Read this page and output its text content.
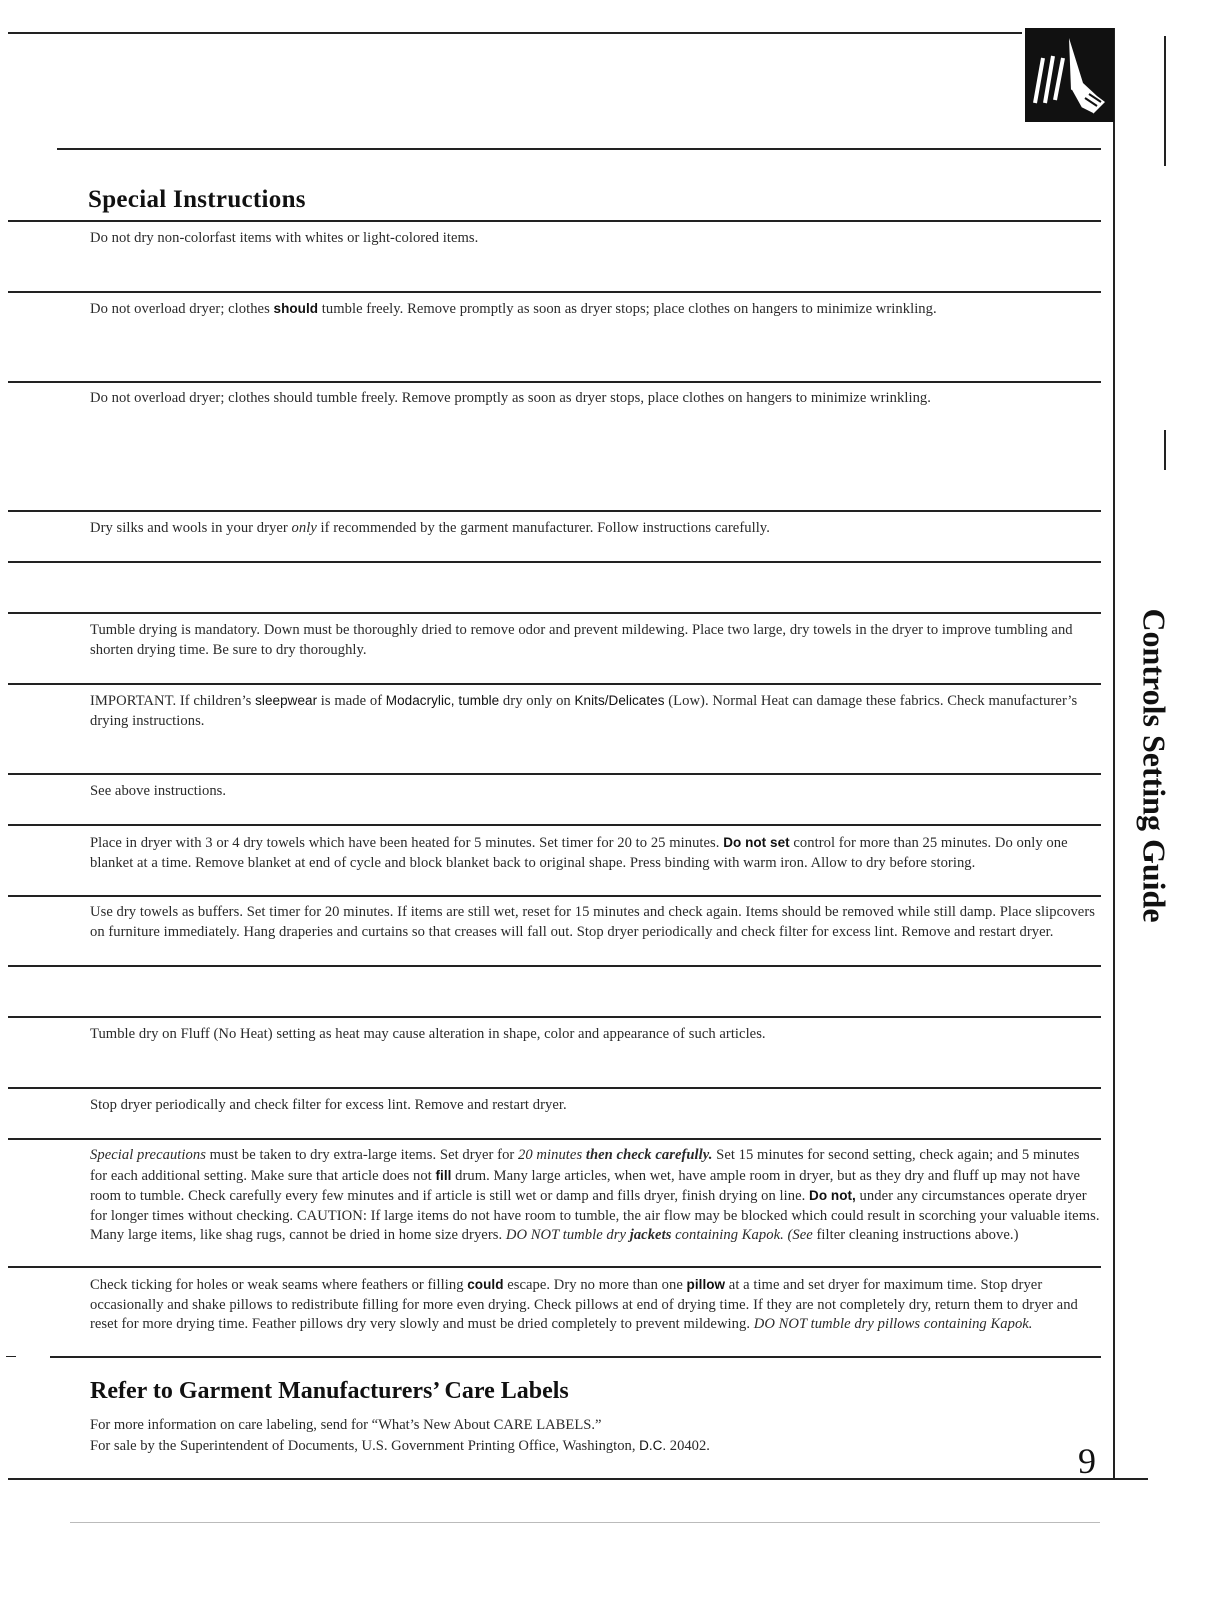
Special Instructions
Do not dry non-colorfast items with whites or light-colored items.
Do not overload dryer; clothes should tumble freely. Remove promptly as soon as dryer stops; place clothes on hangers to minimize wrinkling.
Do not overload dryer; clothes should tumble freely. Remove promptly as soon as dryer stops, place clothes on hangers to minimize wrinkling.
Dry silks and wools in your dryer only if recommended by the garment manufacturer. Follow instructions carefully.
Tumble drying is mandatory. Down must be thoroughly dried to remove odor and prevent mildewing. Place two large, dry towels in the dryer to improve tumbling and shorten drying time. Be sure to dry thoroughly.
IMPORTANT. If children’s sleepwear is made of Modacrylic, tumble dry only on Knits/Delicates (Low). Normal Heat can damage these fabrics. Check manufacturer’s drying instructions.
See above instructions.
Place in dryer with 3 or 4 dry towels which have been heated for 5 minutes. Set timer for 20 to 25 minutes. Do not set control for more than 25 minutes. Do only one blanket at a time. Remove blanket at end of cycle and block blanket back to original shape. Press binding with warm iron. Allow to dry before storing.
Use dry towels as buffers. Set timer for 20 minutes. If items are still wet, reset for 15 minutes and check again. Items should be removed while still damp. Place slipcovers on furniture immediately. Hang draperies and curtains so that creases will fall out. Stop dryer periodically and check filter for excess lint. Remove and restart dryer.
Tumble dry on Fluff (No Heat) setting as heat may cause alteration in shape, color and appearance of such articles.
Stop dryer periodically and check filter for excess lint. Remove and restart dryer.
Special precautions must be taken to dry extra-large items. Set dryer for 20 minutes then check carefully. Set 15 minutes for second setting, check again; and 5 minutes for each additional setting. Make sure that article does not fill drum. Many large articles, when wet, have ample room in dryer, but as they dry and fluff up may not have room to tumble. Check carefully every few minutes and if article is still wet or damp and fills dryer, finish drying on line. Do not, under any circumstances operate dryer for longer times without checking. CAUTION: If large items do not have room to tumble, the air flow may be blocked which could result in scorching your valuable items. Many large items, like shag rugs, cannot be dried in home size dryers. DO NOT tumble dry jackets containing Kapok. (See filter cleaning instructions above.)
Check ticking for holes or weak seams where feathers or filling could escape. Dry no more than one pillow at a time and set dryer for maximum time. Stop dryer occasionally and shake pillows to redistribute filling for more even drying. Check pillows at end of drying time. If they are not completely dry, return them to dryer and reset for more drying time. Feather pillows dry very slowly and must be dried completely to prevent mildewing. DO NOT tumble dry pillows containing Kapok.
Refer to Garment Manufacturers’ Care Labels
For more information on care labeling, send for “What’s New About CARE LABELS.”
For sale by the Superintendent of Documents, U.S. Government Printing Office, Washington, D.C. 20402.
Controls Setting Guide
9
